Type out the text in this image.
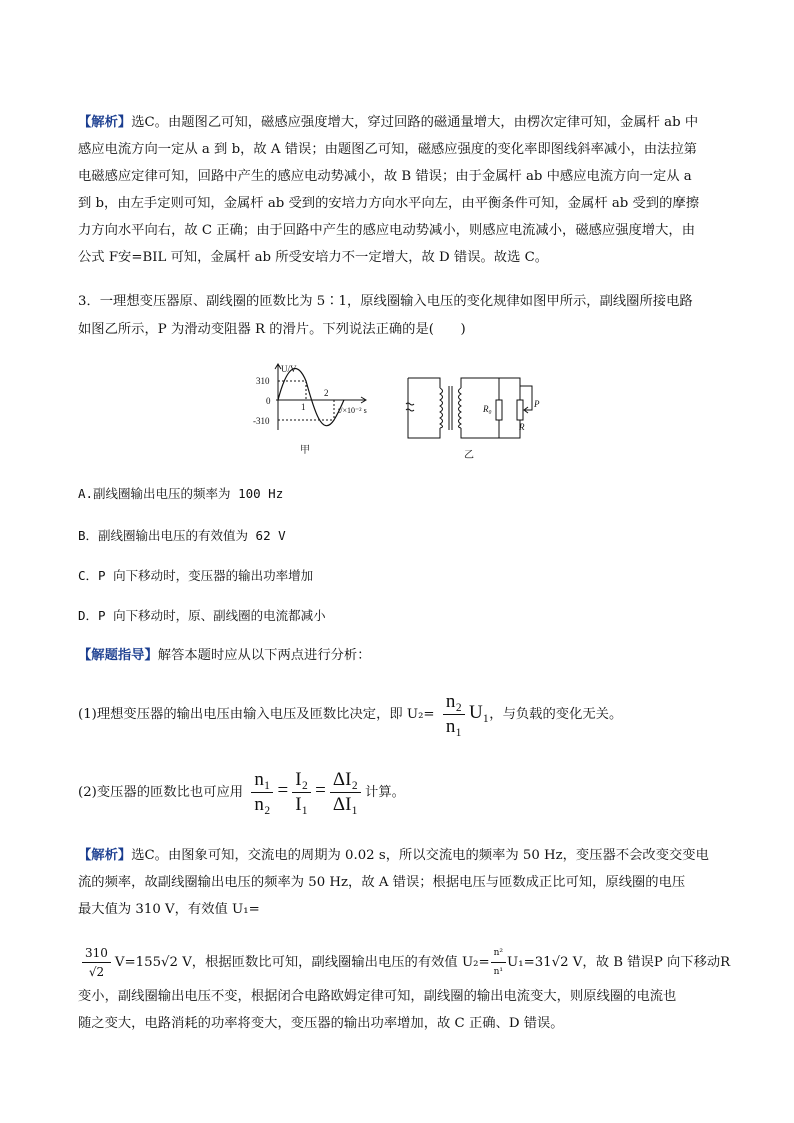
【解析】选C。由题图乙可知，磁感应强度增大，穿过回路的磁通量增大，由楞次定律可知，金属杆 ab 中
感应电流方向一定从 a 到 b，故 A 错误；由题图乙可知，磁感应强度的变化率即图线斜率减小，由法拉第
电磁感应定律可知，回路中产生的感应电动势减小，故 B 错误；由于金属杆 ab 中感应电流方向一定从 a
到 b，由左手定则可知，金属杆 ab 受到的安培力方向水平向左，由平衡条件可知，金属杆 ab 受到的摩擦
力方向水平向右，故 C 正确；由于回路中产生的感应电动势减小，则感应电流减小，磁感应强度增大，由
公式 F安=BIL 可知，金属杆 ab 所受安培力不一定增大，故 D 错误。故选 C。
3．一理想变压器原、副线圈的匝数比为 5∶1，原线圈输入电压的变化规律如图甲所示，副线圈所接电路
如图乙所示，P 为滑动变阻器 R 的滑片。下列说法正确的是(　　)
U/V
310
0
-310
1
2
t/×10⁻² s
甲
R₀
R
P
乙
A.副线圈输出电压的频率为 100 Hz
B．副线圈输出电压的有效值为 62 V
C．P 向下移动时，变压器的输出功率增加
D．P 向下移动时，原、副线圈的电流都减小
【解题指导】解答本题时应从以下两点进行分析：
(1)理想变压器的输出电压由输入电压及匝数比决定，即 $U_2= \frac{\text{n₂}}{\text{n₁}} U_1$，与负载的变化无关。
(2)变压器的匝数比也可应用 $\frac{\text{n₁}}{\text{n₂}} = \frac{\text{I₂}}{\text{I₁}} = \frac{\text{ΔI₂}}{\text{ΔI₁}}$ 计算。
【解析】选C。由图象可知，交流电的周期为 0.02 s，所以交流电的频率为 50 Hz，变压器不会改变交变电
流的频率，故副线圈输出电压的频率为 50 Hz，故 A 错误；根据电压与匝数成正比可知，原线圈的电压
最大值为 310 V，有效值 U₁=
$\frac{310}{√2} V=155√2$ V，根据匝数比可知，副线圈输出电压的有效值 $U_2= \frac{\text{n²}}{\text{n¹}} U_1=31√2$ V，故 B 错误P 向下移动R
变小，副线圈输出电压不变，根据闭合电路欧姆定律可知，副线圈的输出电流变大，则原线圈的电流也
随之变大，电路消耗的功率将变大，变压器的输出功率增加，故 C 正确、D 错误。
